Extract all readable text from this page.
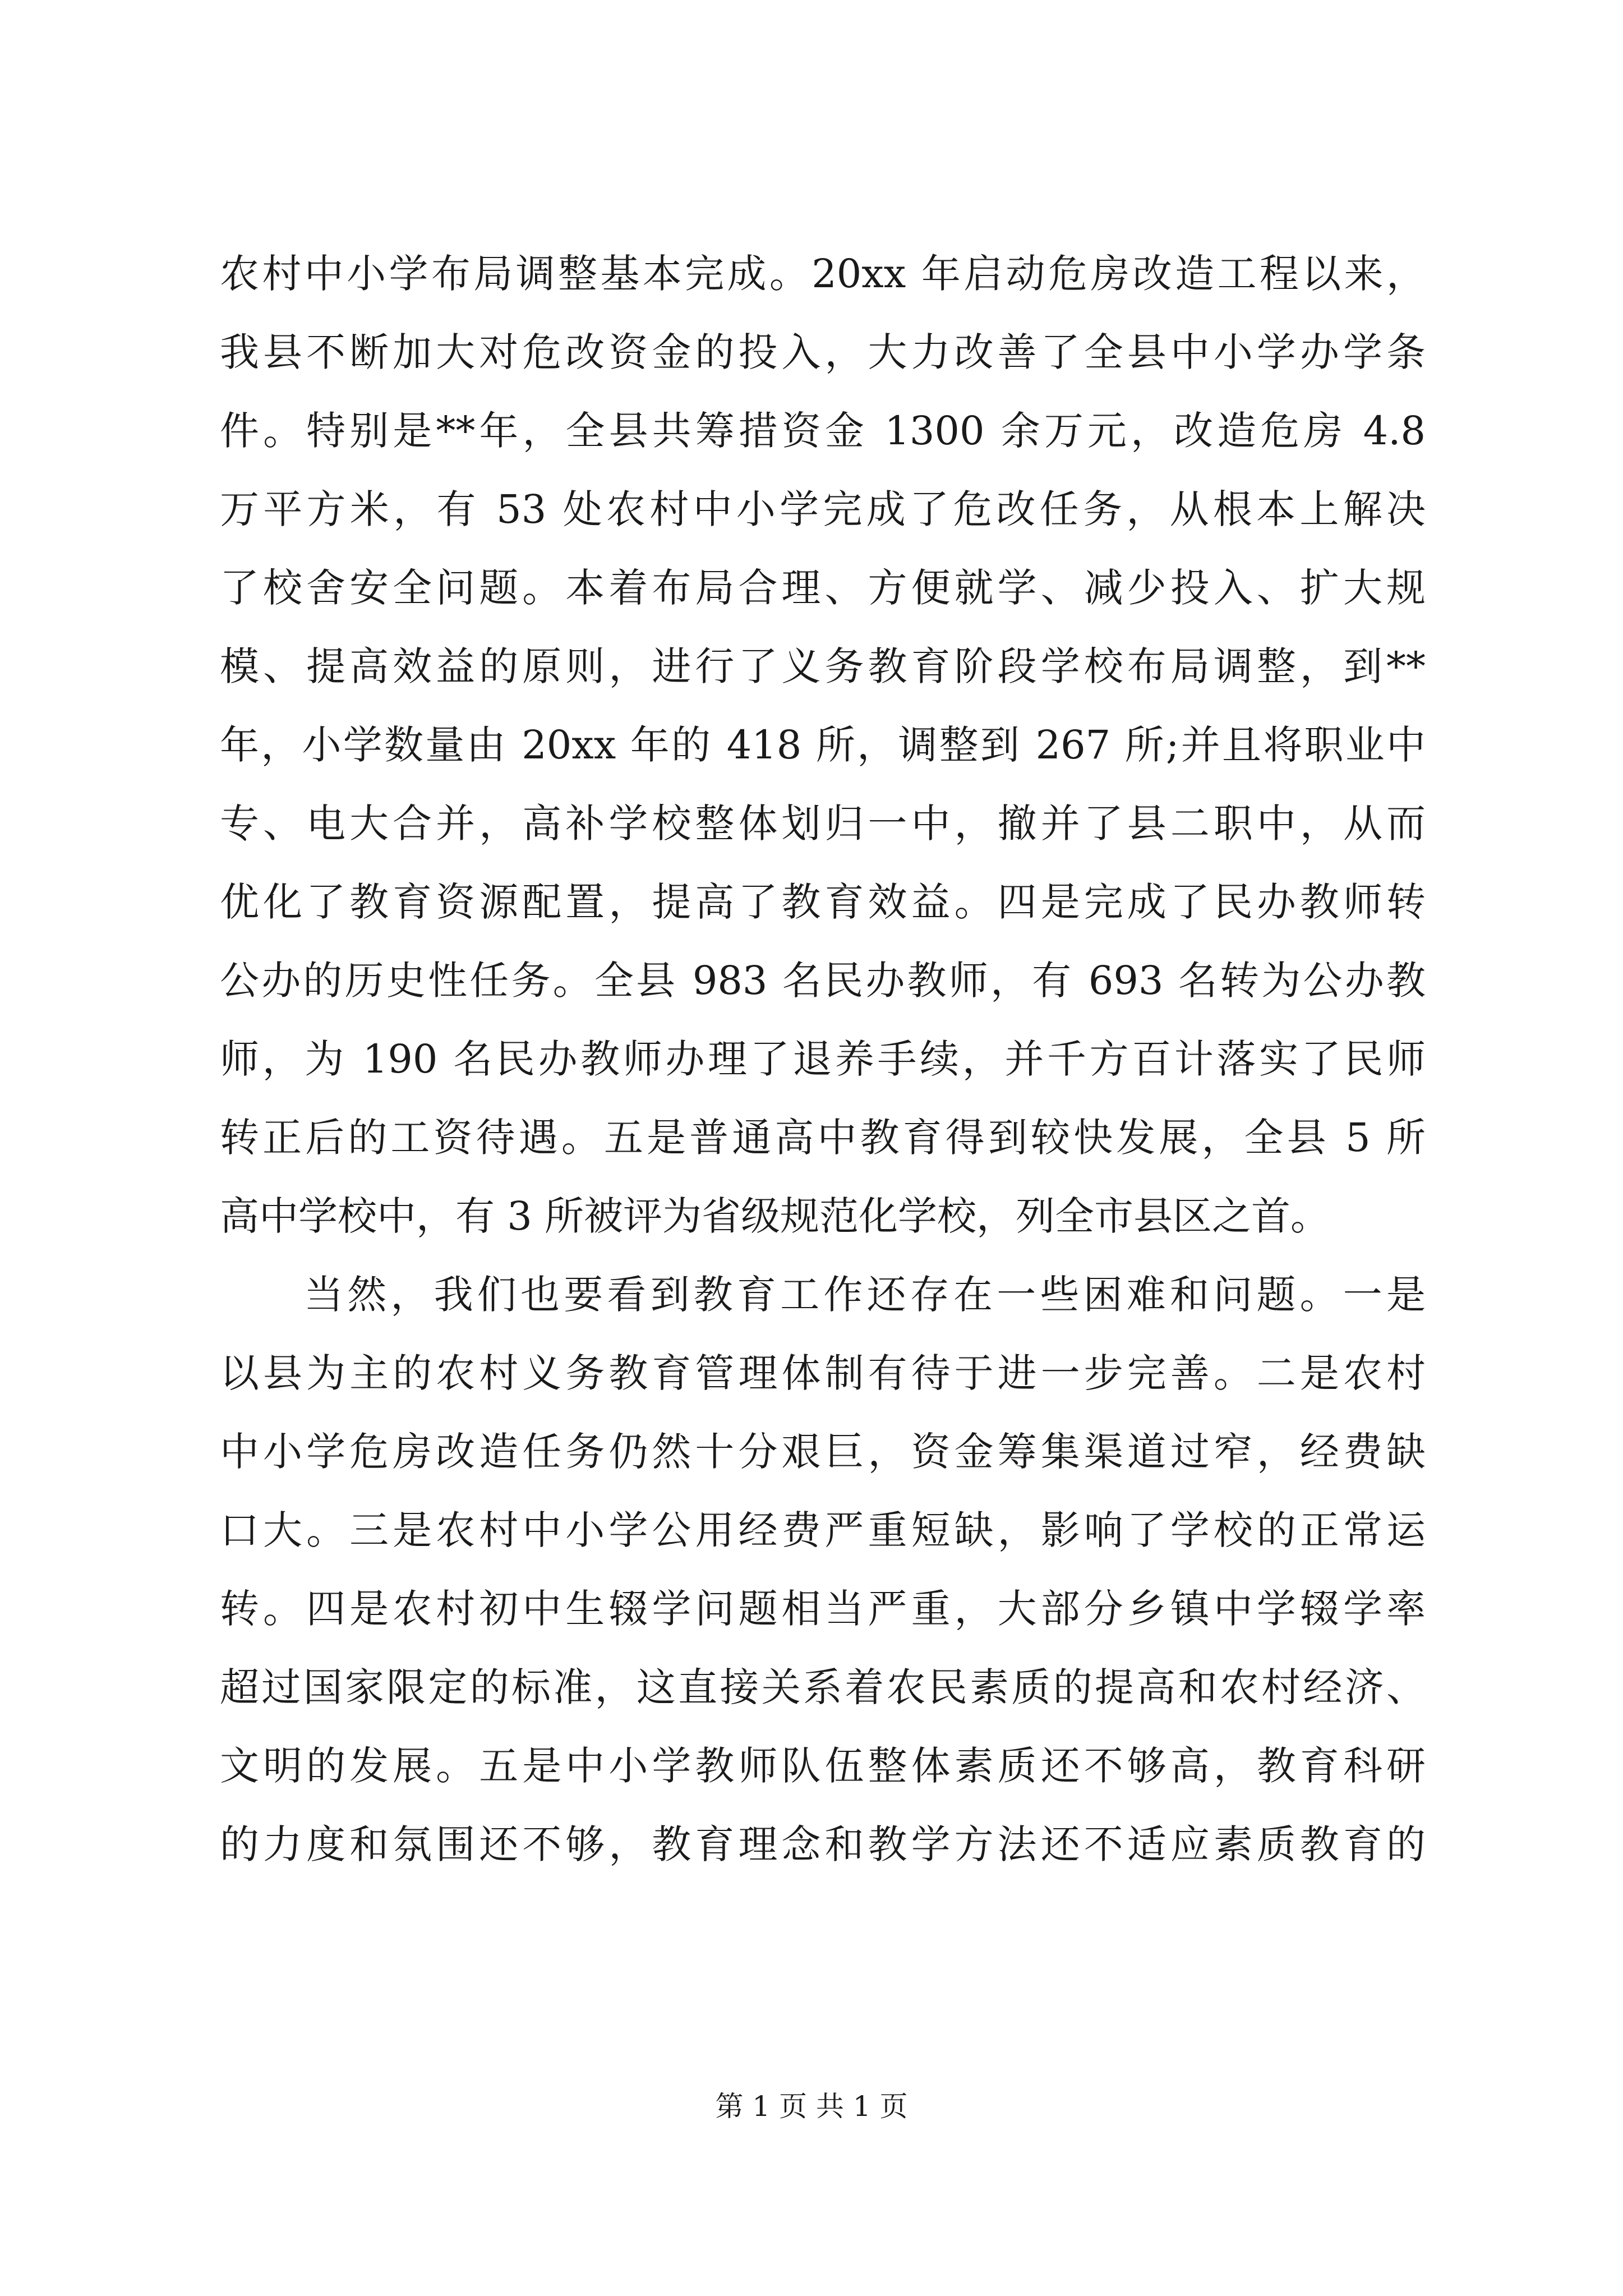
农村中小学布局调整基本完成。20xx 年启动危房改造工程以来，
我县不断加大对危改资金的投入，大力改善了全县中小学办学条
件。特别是**年，全县共筹措资金 1300 余万元，改造危房 4.8
万平方米，有 53 处农村中小学完成了危改任务，从根本上解决
了校舍安全问题。本着布局合理、方便就学、减少投入、扩大规
模、提高效益的原则，进行了义务教育阶段学校布局调整，到**
年，小学数量由 20xx 年的 418 所，调整到 267 所;并且将职业中
专、电大合并，高补学校整体划归一中，撤并了县二职中，从而
优化了教育资源配置，提高了教育效益。四是完成了民办教师转
公办的历史性任务。全县 983 名民办教师，有 693 名转为公办教
师，为 190 名民办教师办理了退养手续，并千方百计落实了民师
转正后的工资待遇。五是普通高中教育得到较快发展，全县 5 所
高中学校中，有 3 所被评为省级规范化学校，列全市县区之首。
当然，我们也要看到教育工作还存在一些困难和问题。一是
以县为主的农村义务教育管理体制有待于进一步完善。二是农村
中小学危房改造任务仍然十分艰巨，资金筹集渠道过窄，经费缺
口大。三是农村中小学公用经费严重短缺，影响了学校的正常运
转。四是农村初中生辍学问题相当严重，大部分乡镇中学辍学率
超过国家限定的标准，这直接关系着农民素质的提高和农村经济、
文明的发展。五是中小学教师队伍整体素质还不够高，教育科研
的力度和氛围还不够，教育理念和教学方法还不适应素质教育的
第 1 页 共 1 页
